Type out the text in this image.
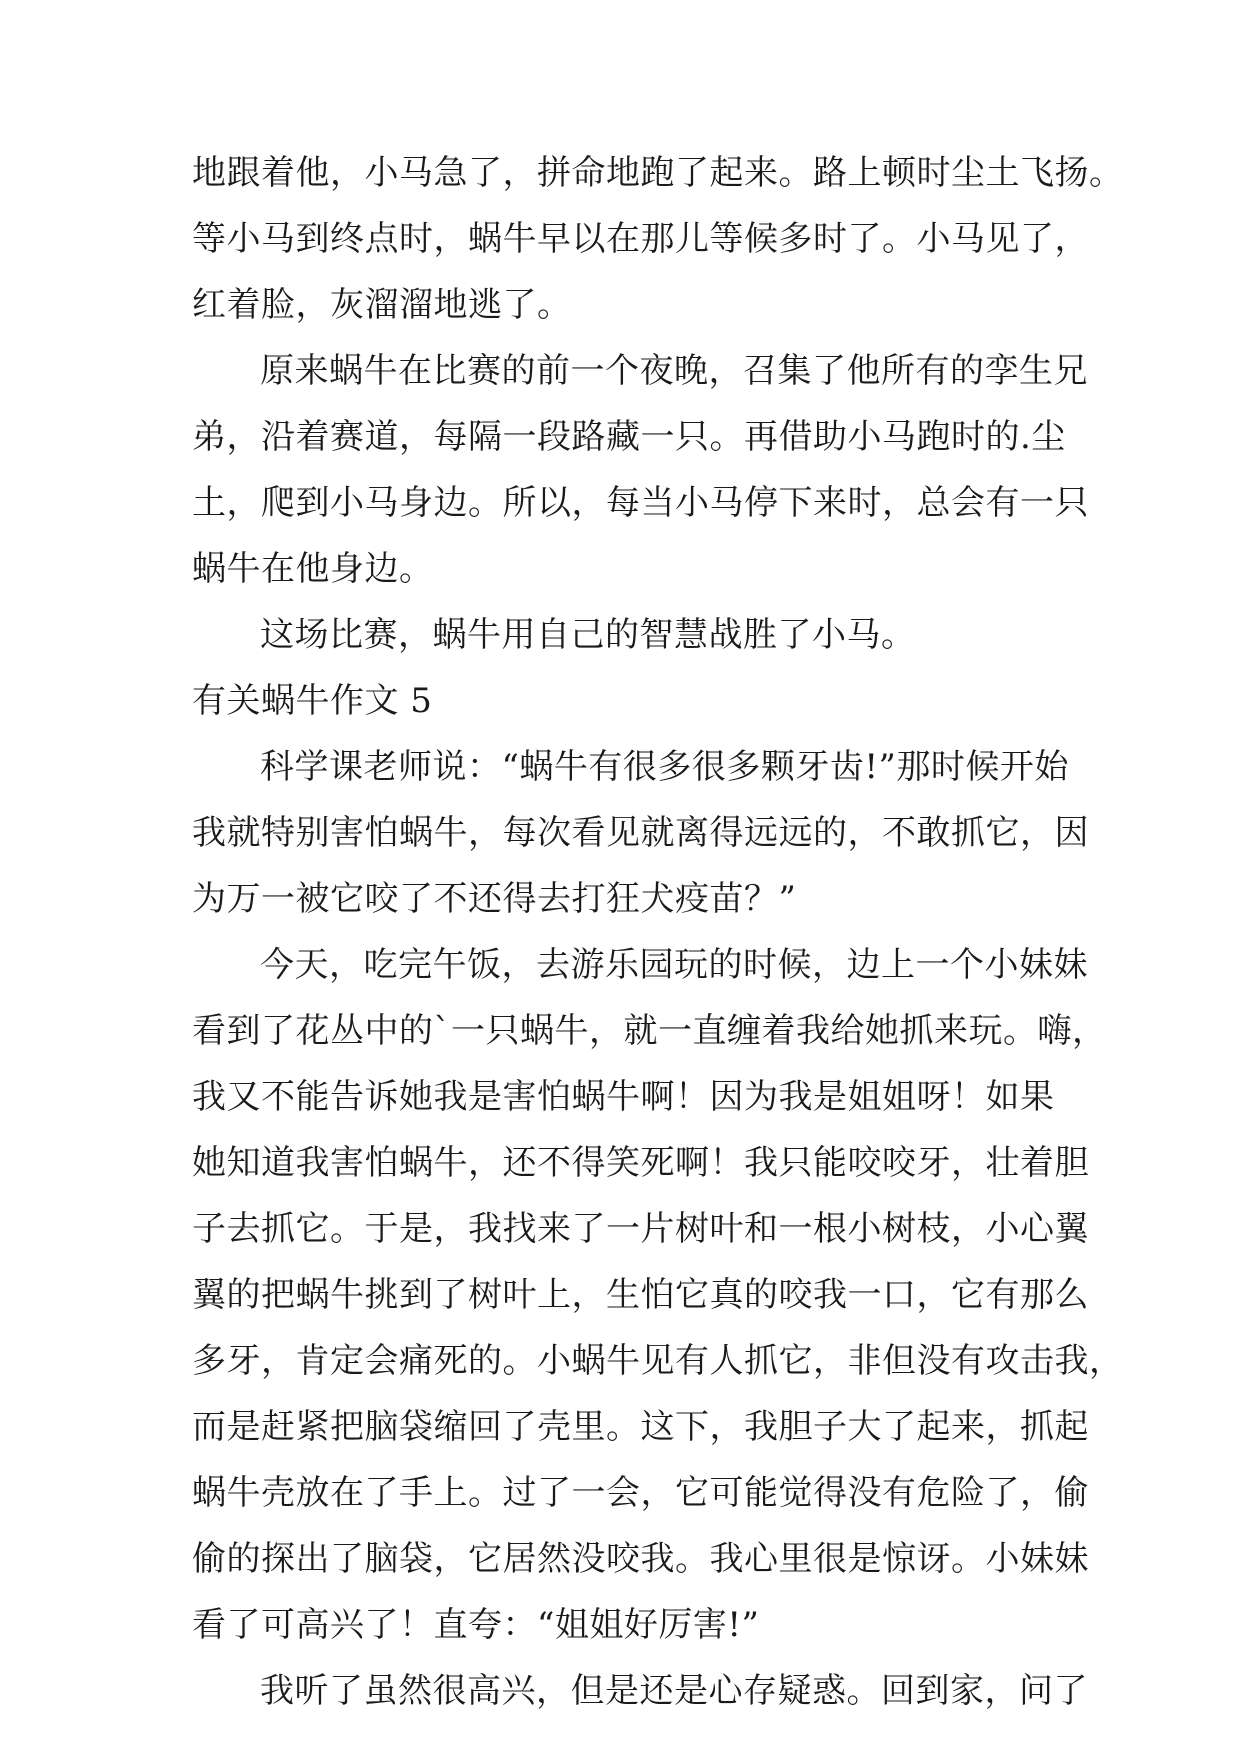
地跟着他，小马急了，拼命地跑了起来。路上顿时尘土飞扬。
等小马到终点时，蜗牛早以在那儿等候多时了。小马见了，
红着脸，灰溜溜地逃了。
原来蜗牛在比赛的前一个夜晚，召集了他所有的孪生兄
弟，沿着赛道，每隔一段路藏一只。再借助小马跑时的.尘
土，爬到小马身边。所以，每当小马停下来时，总会有一只
蜗牛在他身边。
这场比赛，蜗牛用自己的智慧战胜了小马。
有关蜗牛作文 5
科学课老师说：“蜗牛有很多很多颗牙齿!”那时候开始
我就特别害怕蜗牛，每次看见就离得远远的，不敢抓它，因
为万一被它咬了不还得去打狂犬疫苗？”
今天，吃完午饭，去游乐园玩的时候，边上一个小妹妹
看到了花丛中的`一只蜗牛，就一直缠着我给她抓来玩。嗨，
我又不能告诉她我是害怕蜗牛啊！因为我是姐姐呀！如果
她知道我害怕蜗牛，还不得笑死啊！我只能咬咬牙，壮着胆
子去抓它。于是，我找来了一片树叶和一根小树枝，小心翼
翼的把蜗牛挑到了树叶上，生怕它真的咬我一口，它有那么
多牙，肯定会痛死的。小蜗牛见有人抓它，非但没有攻击我，
而是赶紧把脑袋缩回了壳里。这下，我胆子大了起来，抓起
蜗牛壳放在了手上。过了一会，它可能觉得没有危险了，偷
偷的探出了脑袋，它居然没咬我。我心里很是惊讶。小妹妹
看了可高兴了！直夸：“姐姐好厉害!”
我听了虽然很高兴，但是还是心存疑惑。回到家，问了
